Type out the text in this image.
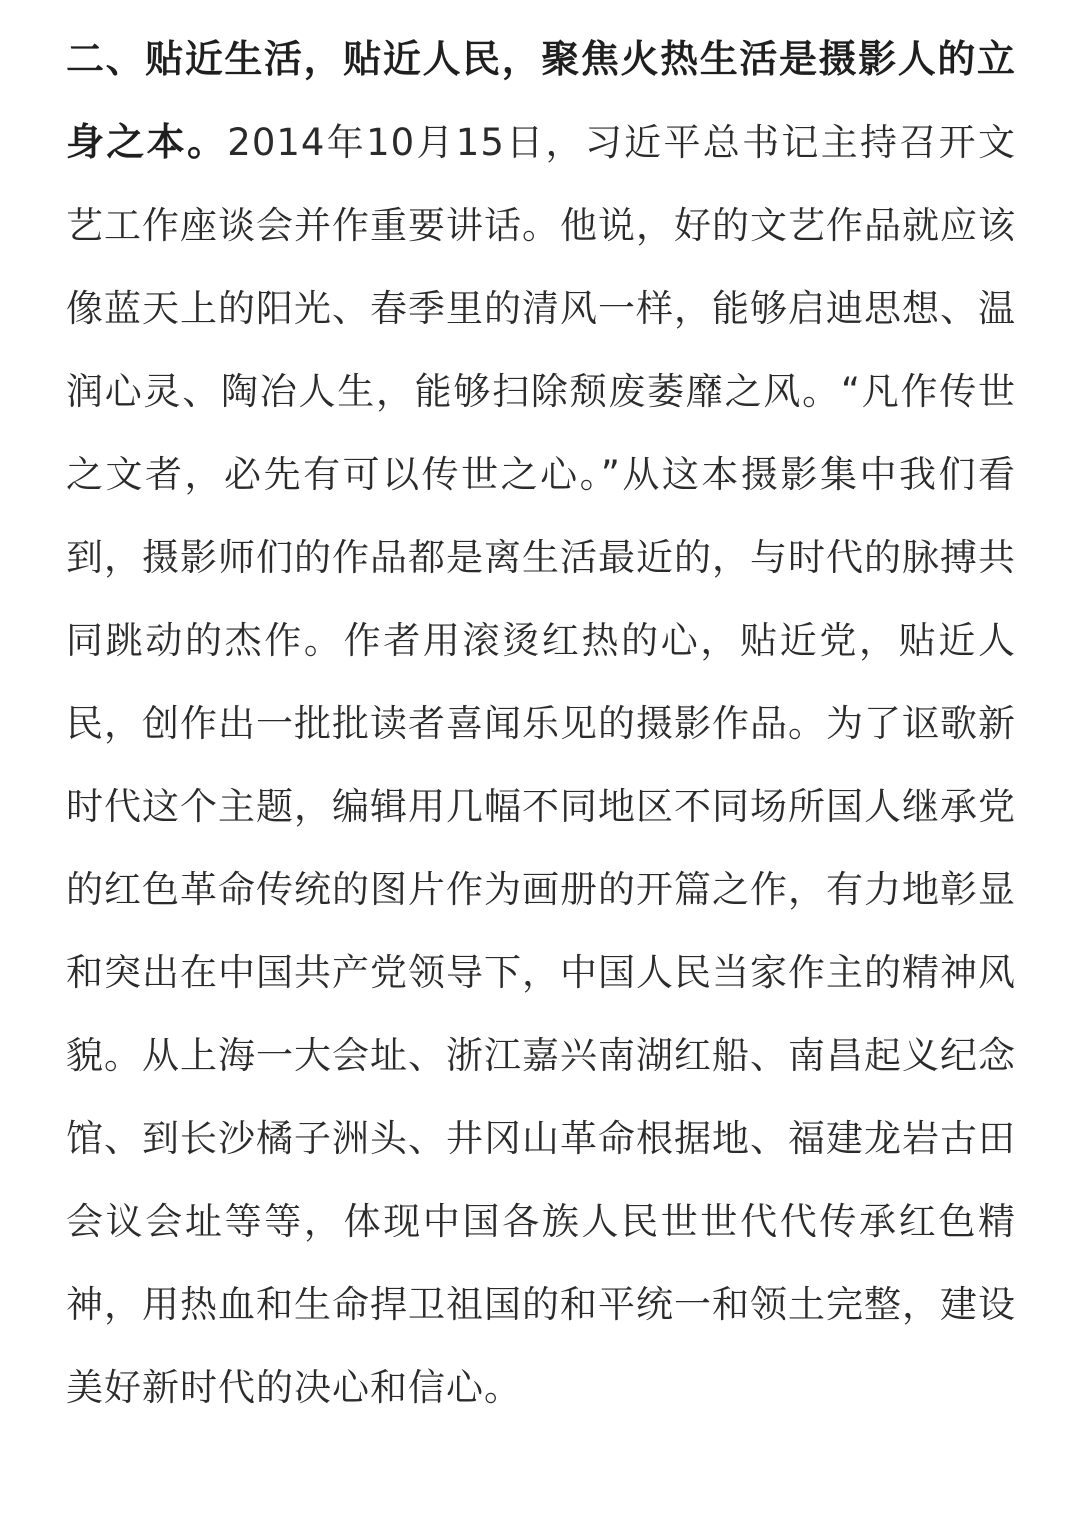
二、贴近生活，贴近人民，聚焦火热生活是摄影人的立身之本。2014年10月15日，习近平总书记主持召开文艺工作座谈会并作重要讲话。他说，好的文艺作品就应该像蓝天上的阳光、春季里的清风一样，能够启迪思想、温润心灵、陶冶人生，能够扫除颓废萎靡之风。“凡作传世之文者，必先有可以传世之心。”从这本摄影集中我们看到，摄影师们的作品都是离生活最近的，与时代的脉搏共同跳动的杰作。作者用滚烫红热的心，贴近党，贴近人民，创作出一批批读者喜闻乐见的摄影作品。为了讴歌新时代这个主题，编辑用几幅不同地区不同场所国人继承党的红色革命传统的图片作为画册的开篇之作，有力地彰显和突出在中国共产党领导下，中国人民当家作主的精神风貌。从上海一大会址、浙江嘉兴南湖红船、南昌起义纪念馆、到长沙橘子洲头、井冈山革命根据地、福建龙岩古田会议会址等等，体现中国各族人民世世代代传承红色精神，用热血和生命捍卫祖国的和平统一和领土完整，建设美好新时代的决心和信心。
